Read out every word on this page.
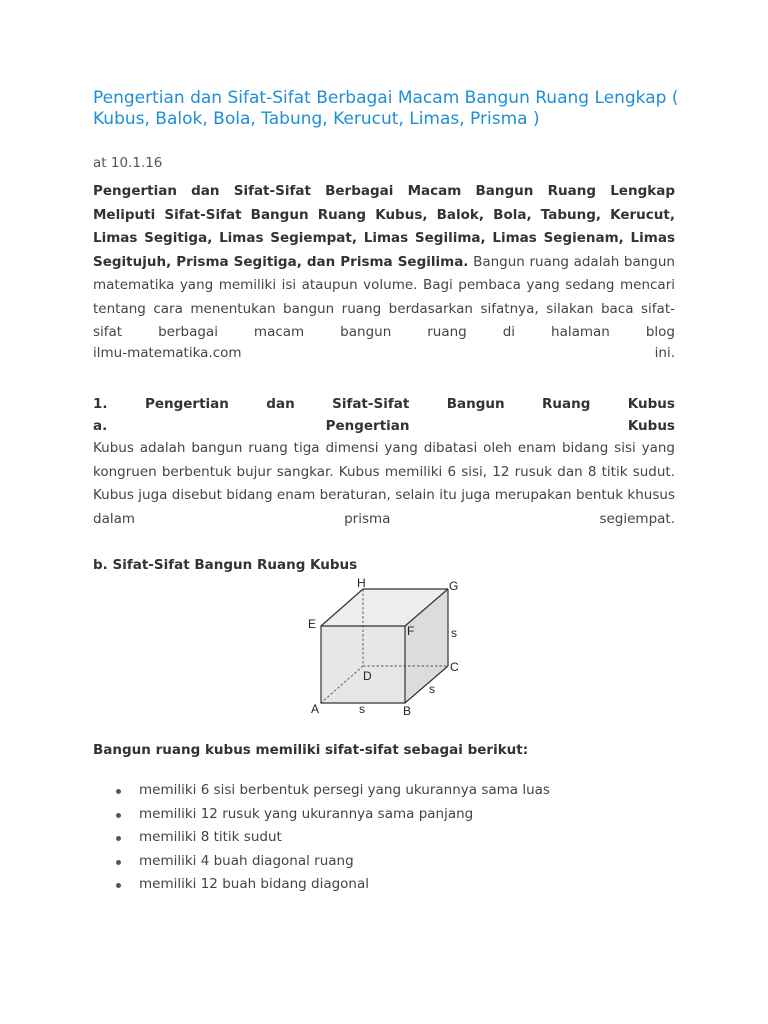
Pengertian dan Sifat-Sifat Berbagai Macam Bangun Ruang Lengkap ( Kubus, Balok, Bola, Tabung, Kerucut, Limas, Prisma )
at 10.1.16

Pengertian dan Sifat-Sifat Berbagai Macam Bangun Ruang Lengkap Meliputi Sifat-Sifat Bangun Ruang Kubus, Balok, Bola, Tabung, Kerucut, Limas Segitiga, Limas Segiempat, Limas Segilima, Limas Segienam, Limas Segitujuh, Prisma Segitiga, dan Prisma Segilima. Bangun ruang adalah bangun matematika yang memiliki isi ataupun volume. Bagi pembaca yang sedang mencari tentang cara menentukan bangun ruang berdasarkan sifatnya, silakan baca sifat-sifat berbagai macam bangun ruang di halaman blog

ilmu-matematika.com	ini.
1.	Pengertian	dan	Sifat-Sifat	Bangun	Ruang	Kubus
a.	Pengertian	Kubus

Kubus adalah bangun ruang tiga dimensi yang dibatasi oleh enam bidang sisi yang kongruen berbentuk bujur sangkar. Kubus memiliki 6 sisi, 12 rusuk dan 8 titik sudut. Kubus juga disebut bidang enam beraturan, selain itu juga merupakan bentuk khusus dalam prisma segiempat.

b. Sifat-Sifat Bangun Ruang Kubus
H	G
E	F
C
D
A	B
s
s
s
Bangun ruang kubus memiliki sifat-sifat sebagai berikut:
memiliki 6 sisi berbentuk persegi yang ukurannya sama luas
memiliki 12 rusuk yang ukurannya sama panjang
memiliki 8 titik sudut
memiliki 4 buah diagonal ruang
memiliki 12 buah bidang diagonal
